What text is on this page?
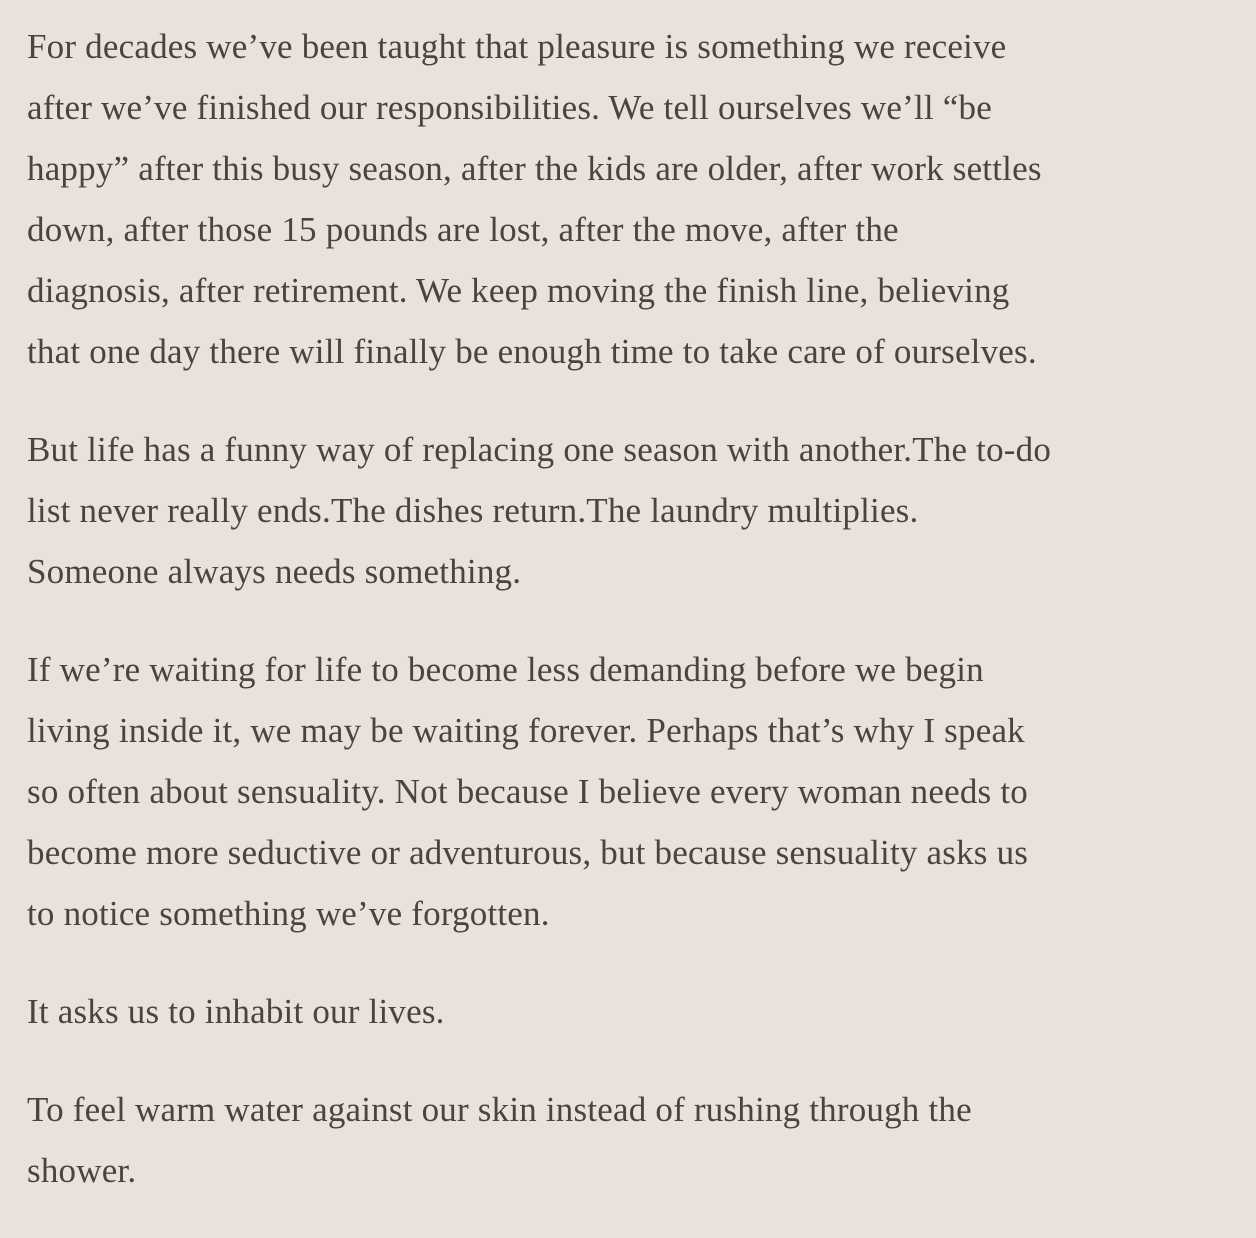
For decades we’ve been taught that pleasure is something we receive
after we’ve finished our responsibilities. We tell ourselves we’ll “be
happy” after this busy season, after the kids are older, after work settles
down, after those 15 pounds are lost, after the move, after the
diagnosis, after retirement. We keep moving the finish line, believing
that one day there will finally be enough time to take care of ourselves.

But life has a funny way of replacing one season with another.The to-do
list never really ends.The dishes return.The laundry multiplies.
Someone always needs something.

If we’re waiting for life to become less demanding before we begin
living inside it, we may be waiting forever. Perhaps that’s why I speak
so often about sensuality. Not because I believe every woman needs to
become more seductive or adventurous, but because sensuality asks us
to notice something we’ve forgotten.

It asks us to inhabit our lives.

To feel warm water against our skin instead of rushing through the
shower.
